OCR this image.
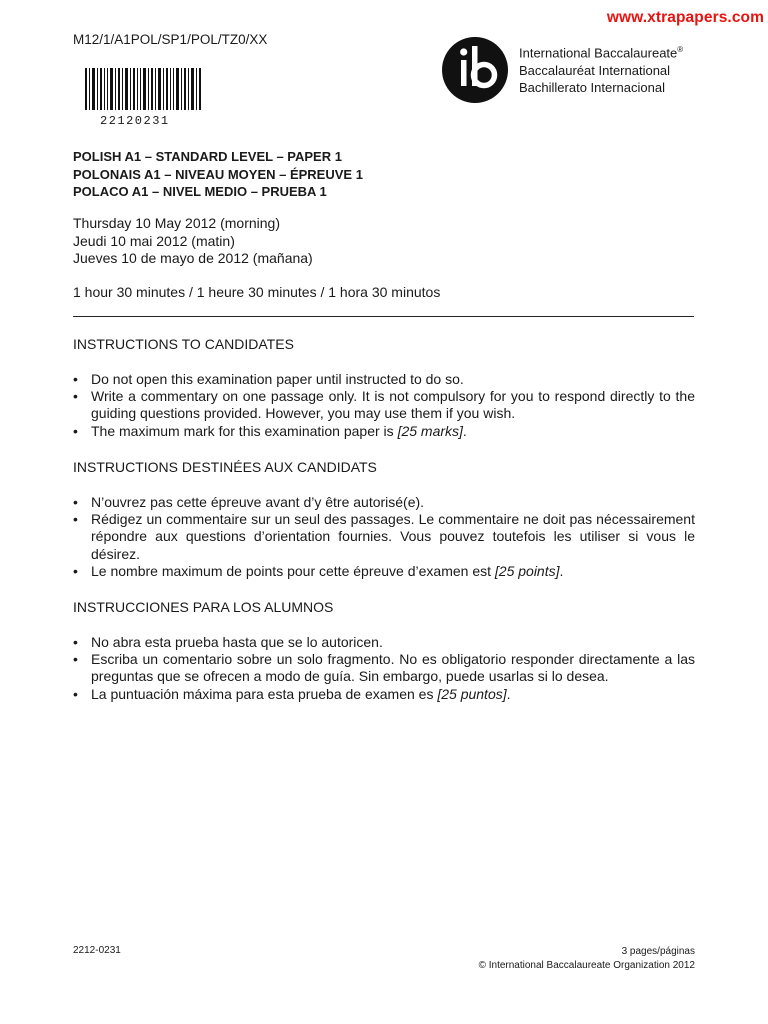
www.xtrapapers.com
M12/1/A1POL/SP1/POL/TZ0/XX
22120231
International Baccalaureate®
Baccalauréat International
Bachillerato Internacional
POLISH A1 – STANDARD LEVEL – PAPER 1
POLONAIS A1 – NIVEAU MOYEN – ÉPREUVE 1
POLACO A1 – NIVEL MEDIO – PRUEBA 1
Thursday 10 May 2012 (morning)
Jeudi 10 mai 2012 (matin)
Jueves 10 de mayo de 2012 (mañana)
1 hour 30 minutes / 1 heure 30 minutes / 1 hora 30 minutos
INSTRUCTIONS TO CANDIDATES
• Do not open this examination paper until instructed to do so.
• Write a commentary on one passage only. It is not compulsory for you to respond directly to the guiding questions provided. However, you may use them if you wish.
• The maximum mark for this examination paper is [25 marks].
INSTRUCTIONS DESTINÉES AUX CANDIDATS
• N’ouvrez pas cette épreuve avant d’y être autorisé(e).
• Rédigez un commentaire sur un seul des passages. Le commentaire ne doit pas nécessairement répondre aux questions d’orientation fournies. Vous pouvez toutefois les utiliser si vous le désirez.
• Le nombre maximum de points pour cette épreuve d’examen est [25 points].
INSTRUCCIONES PARA LOS ALUMNOS
• No abra esta prueba hasta que se lo autoricen.
• Escriba un comentario sobre un solo fragmento. No es obligatorio responder directamente a las preguntas que se ofrecen a modo de guía. Sin embargo, puede usarlas si lo desea.
• La puntuación máxima para esta prueba de examen es [25 puntos].
2212-0231	3 pages/páginas
© International Baccalaureate Organization 2012
